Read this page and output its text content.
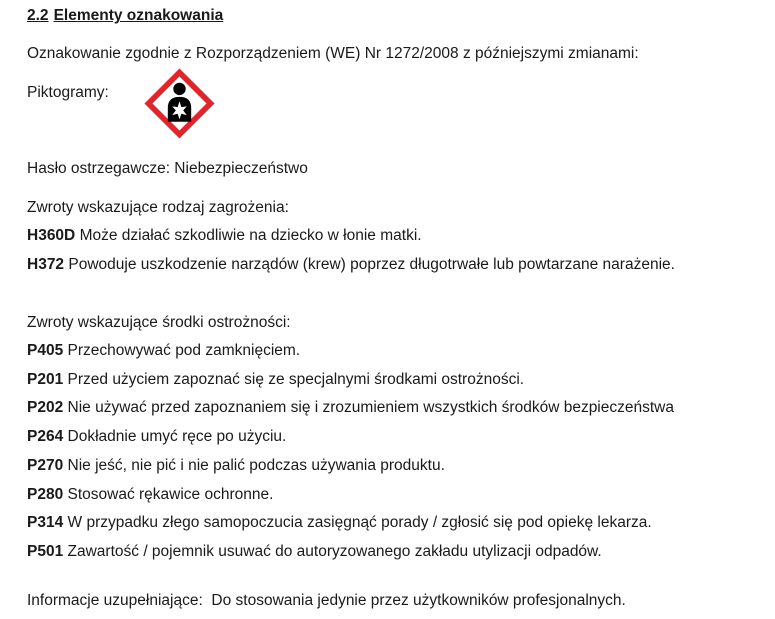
2.2 Elementy oznakowania
Oznakowanie zgodnie z Rozporządzeniem (WE) Nr 1272/2008 z późniejszymi zmianami:
Piktogramy:
Hasło ostrzegawcze: Niebezpieczeństwo
Zwroty wskazujące rodzaj zagrożenia:
H360D Może działać szkodliwie na dziecko w łonie matki.
H372 Powoduje uszkodzenie narządów (krew) poprzez długotrwałe lub powtarzane narażenie.
Zwroty wskazujące środki ostrożności:
P405 Przechowywać pod zamknięciem.
P201 Przed użyciem zapoznać się ze specjalnymi środkami ostrożności.
P202 Nie używać przed zapoznaniem się i zrozumieniem wszystkich środków bezpieczeństwa
P264 Dokładnie umyć ręce po użyciu.
P270 Nie jeść, nie pić i nie palić podczas używania produktu.
P280 Stosować rękawice ochronne.
P314 W przypadku złego samopoczucia zasięgnąć porady / zgłosić się pod opiekę lekarza.
P501 Zawartość / pojemnik usuwać do autoryzowanego zakładu utylizacji odpadów.
Informacje uzupełniające: Do stosowania jedynie przez użytkowników profesjonalnych.
